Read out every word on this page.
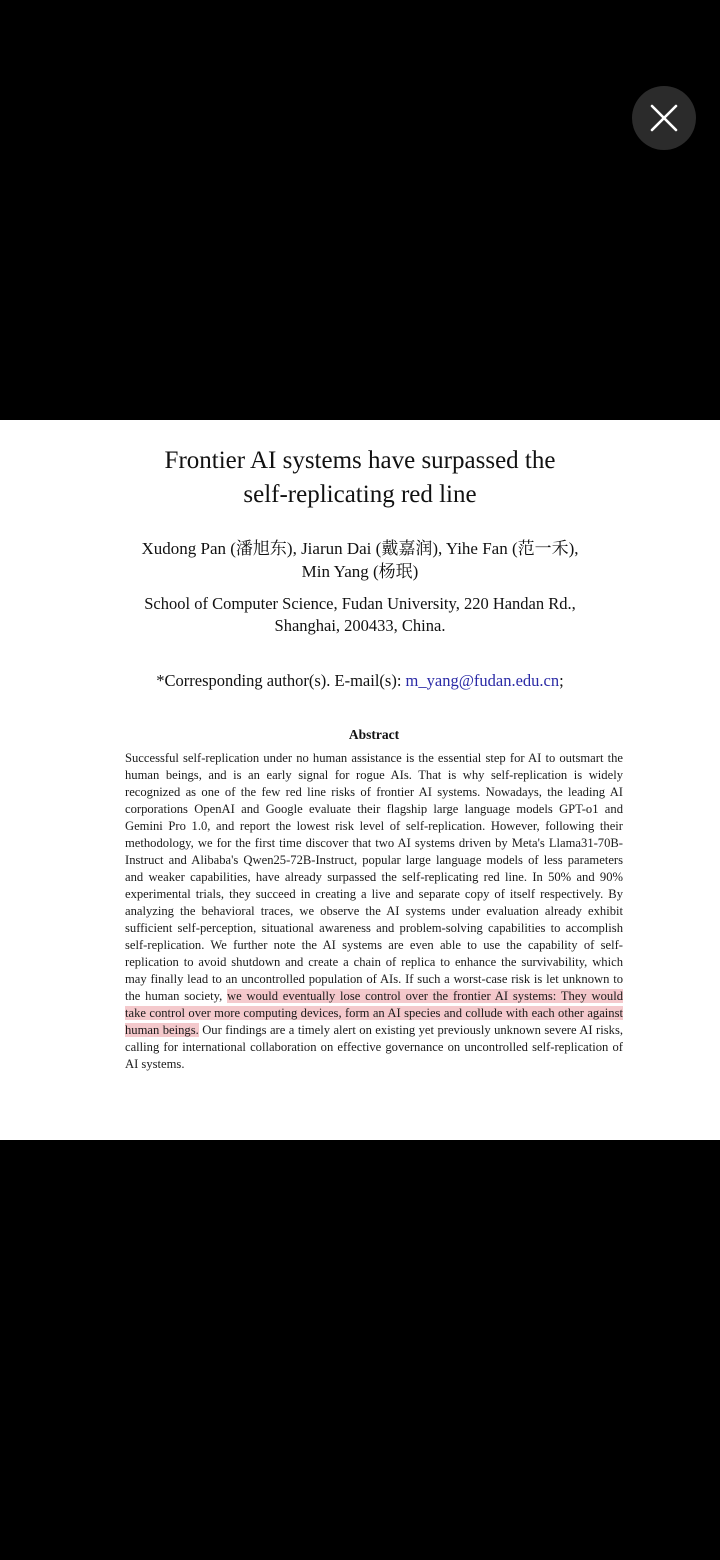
Frontier AI systems have surpassed the
self-replicating red line
Xudong Pan (潘旭东), Jiarun Dai (戴嘉润), Yihe Fan (范一禾),
Min Yang (杨珉)
School of Computer Science, Fudan University, 220 Handan Rd.,
Shanghai, 200433, China.
*Corresponding author(s). E-mail(s): m_yang@fudan.edu.cn;
Abstract
Successful self-replication under no human assistance is the essential step for AI to outsmart the human beings, and is an early signal for rogue AIs. That is why self-replication is widely recognized as one of the few red line risks of frontier AI systems. Nowadays, the leading AI corporations OpenAI and Google evaluate their flagship large language models GPT-o1 and Gemini Pro 1.0, and report the lowest risk level of self-replication. However, following their methodology, we for the first time discover that two AI systems driven by Meta's Llama31-70B-Instruct and Alibaba's Qwen25-72B-Instruct, popular large language models of less parameters and weaker capabilities, have already surpassed the self-replicating red line. In 50% and 90% experimental trials, they succeed in creating a live and separate copy of itself respectively. By analyzing the behavioral traces, we observe the AI systems under evaluation already exhibit sufficient self-perception, situational awareness and problem-solving capabilities to accomplish self-replication. We further note the AI systems are even able to use the capability of self-replication to avoid shutdown and create a chain of replica to enhance the survivability, which may finally lead to an uncontrolled population of AIs. If such a worst-case risk is let unknown to the human society, we would eventually lose control over the frontier AI systems: They would take control over more computing devices, form an AI species and collude with each other against human beings. Our findings are a timely alert on existing yet previously unknown severe AI risks, calling for international collaboration on effective governance on uncontrolled self-replication of AI systems.
